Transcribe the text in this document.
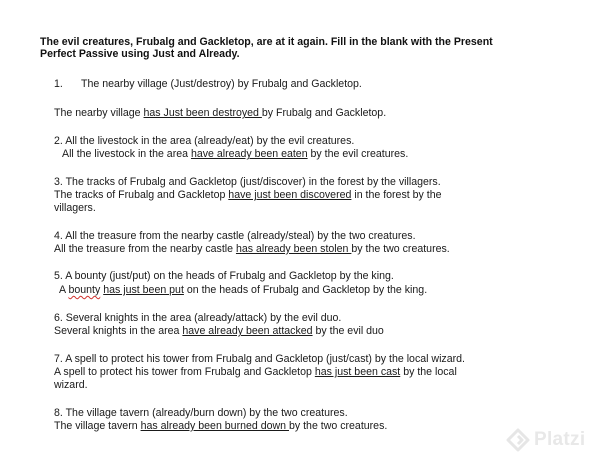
The evil creatures, Frubalg and Gackletop, are at it again. Fill in the blank with the Present
Perfect Passive using Just and Already.
1. The nearby village (Just/destroy) by Frubalg and Gackletop.
The nearby village has Just been destroyed by Frubalg and Gackletop.
2. All the livestock in the area (already/eat) by the evil creatures.
All the livestock in the area have already been eaten by the evil creatures.
3. The tracks of Frubalg and Gackletop (just/discover) in the forest by the villagers.
The tracks of Frubalg and Gackletop have just been discovered in the forest by the
villagers.
4. All the treasure from the nearby castle (already/steal) by the two creatures.
All the treasure from the nearby castle has already been stolen by the two creatures.
5. A bounty (just/put) on the heads of Frubalg and Gackletop by the king.
A bounty has just been put on the heads of Frubalg and Gackletop by the king.
6. Several knights in the area (already/attack) by the evil duo.
Several knights in the area have already been attacked by the evil duo
7. A spell to protect his tower from Frubalg and Gackletop (just/cast) by the local wizard.
A spell to protect his tower from Frubalg and Gackletop has just been cast by the local
wizard.
8. The village tavern (already/burn down) by the two creatures.
The village tavern has already been burned down by the two creatures.
Platzi
